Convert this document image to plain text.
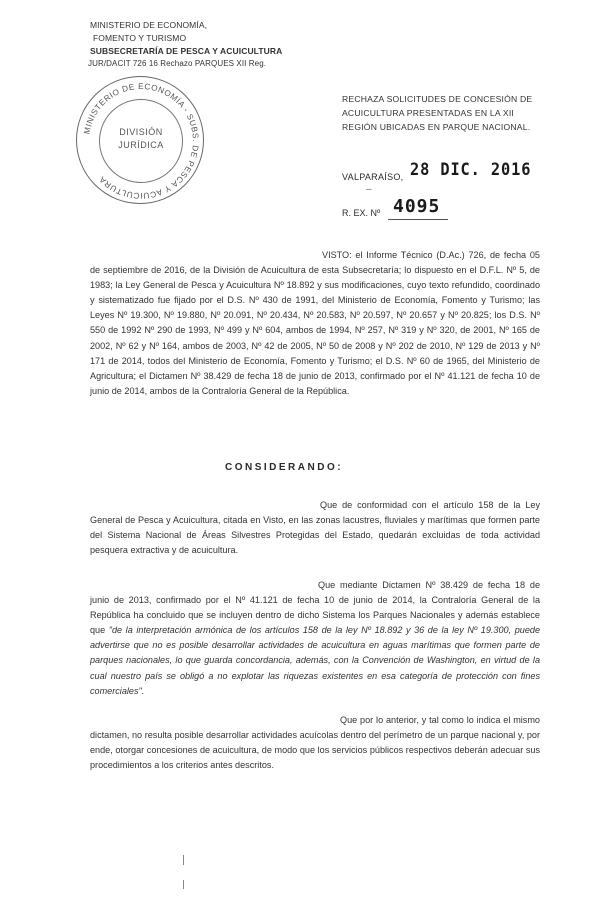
MINISTERIO DE ECONOMÍA,
FOMENTO Y TURISMO
SUBSECRETARÍA DE PESCA Y ACUICULTURA
JUR/DACIT 726 16 Rechazo PARQUES XII Reg.
MINISTERIO DE ECONOMÍA - SUBS. DE PESCA Y ACUICULTURA
DIVISIÓN
JURÍDICA
RECHAZA SOLICITUDES DE CONCESIÓN DE ACUICULTURA PRESENTADAS EN LA XII REGIÓN UBICADAS EN PARQUE NACIONAL.
VALPARAÍSO, 28 DIC. 2016
–
R. EX. Nº 4095
VISTO: el Informe Técnico (D.Ac.) 726, de fecha 05 de septiembre de 2016, de la División de Acuicultura de esta Subsecretaría; lo dispuesto en el D.F.L. Nº 5, de 1983; la Ley General de Pesca y Acuicultura Nº 18.892 y sus modificaciones, cuyo texto refundido, coordinado y sistematizado fue fijado por el D.S. Nº 430 de 1991, del Ministerio de Economía, Fomento y Turismo; las Leyes Nº 19.300, Nº 19.880, Nº 20.091, Nº 20.434, Nº 20.583, Nº 20.597, Nº 20.657 y Nº 20.825; los D.S. Nº 550 de 1992 Nº 290 de 1993, Nº 499 y Nº 604, ambos de 1994, Nº 257, Nº 319 y Nº 320, de 2001, Nº 165 de 2002, Nº 62 y Nº 164, ambos de 2003, Nº 42 de 2005, Nº 50 de 2008 y Nº 202 de 2010, Nº 129 de 2013 y Nº 171 de 2014, todos del Ministerio de Economía, Fomento y Turismo; el D.S. Nº 60 de 1965, del Ministerio de Agricultura; el Dictamen Nº 38.429 de fecha 18 de junio de 2013, confirmado por el Nº 41.121 de fecha 10 de junio de 2014, ambos de la Contraloría General de la República.
CONSIDERANDO:
Que de conformidad con el artículo 158 de la Ley General de Pesca y Acuicultura, citada en Visto, en las zonas lacustres, fluviales y marítimas que formen parte del Sistema Nacional de Áreas Silvestres Protegidas del Estado, quedarán excluidas de toda actividad pesquera extractiva y de acuicultura.
Que mediante Dictamen Nº 38.429 de fecha 18 de junio de 2013, confirmado por el Nº 41.121 de fecha 10 de junio de 2014, la Contraloría General de la República ha concluido que se incluyen dentro de dicho Sistema los Parques Nacionales y además establece que "de la interpretación armónica de los artículos 158 de la ley Nº 18.892 y 36 de la ley Nº 19.300, puede advertirse que no es posible desarrollar actividades de acuicultura en aguas marítimas que formen parte de parques nacionales, lo que guarda concordancia, además, con la Convención de Washington, en virtud de la cual nuestro país se obligó a no explotar las riquezas existentes en esa categoría de protección con fines comerciales".
Que por lo anterior, y tal como lo indica el mismo dictamen, no resulta posible desarrollar actividades acuícolas dentro del perímetro de un parque nacional y, por ende, otorgar concesiones de acuicultura, de modo que los servicios públicos respectivos deberán adecuar sus procedimientos a los criterios antes descritos.
